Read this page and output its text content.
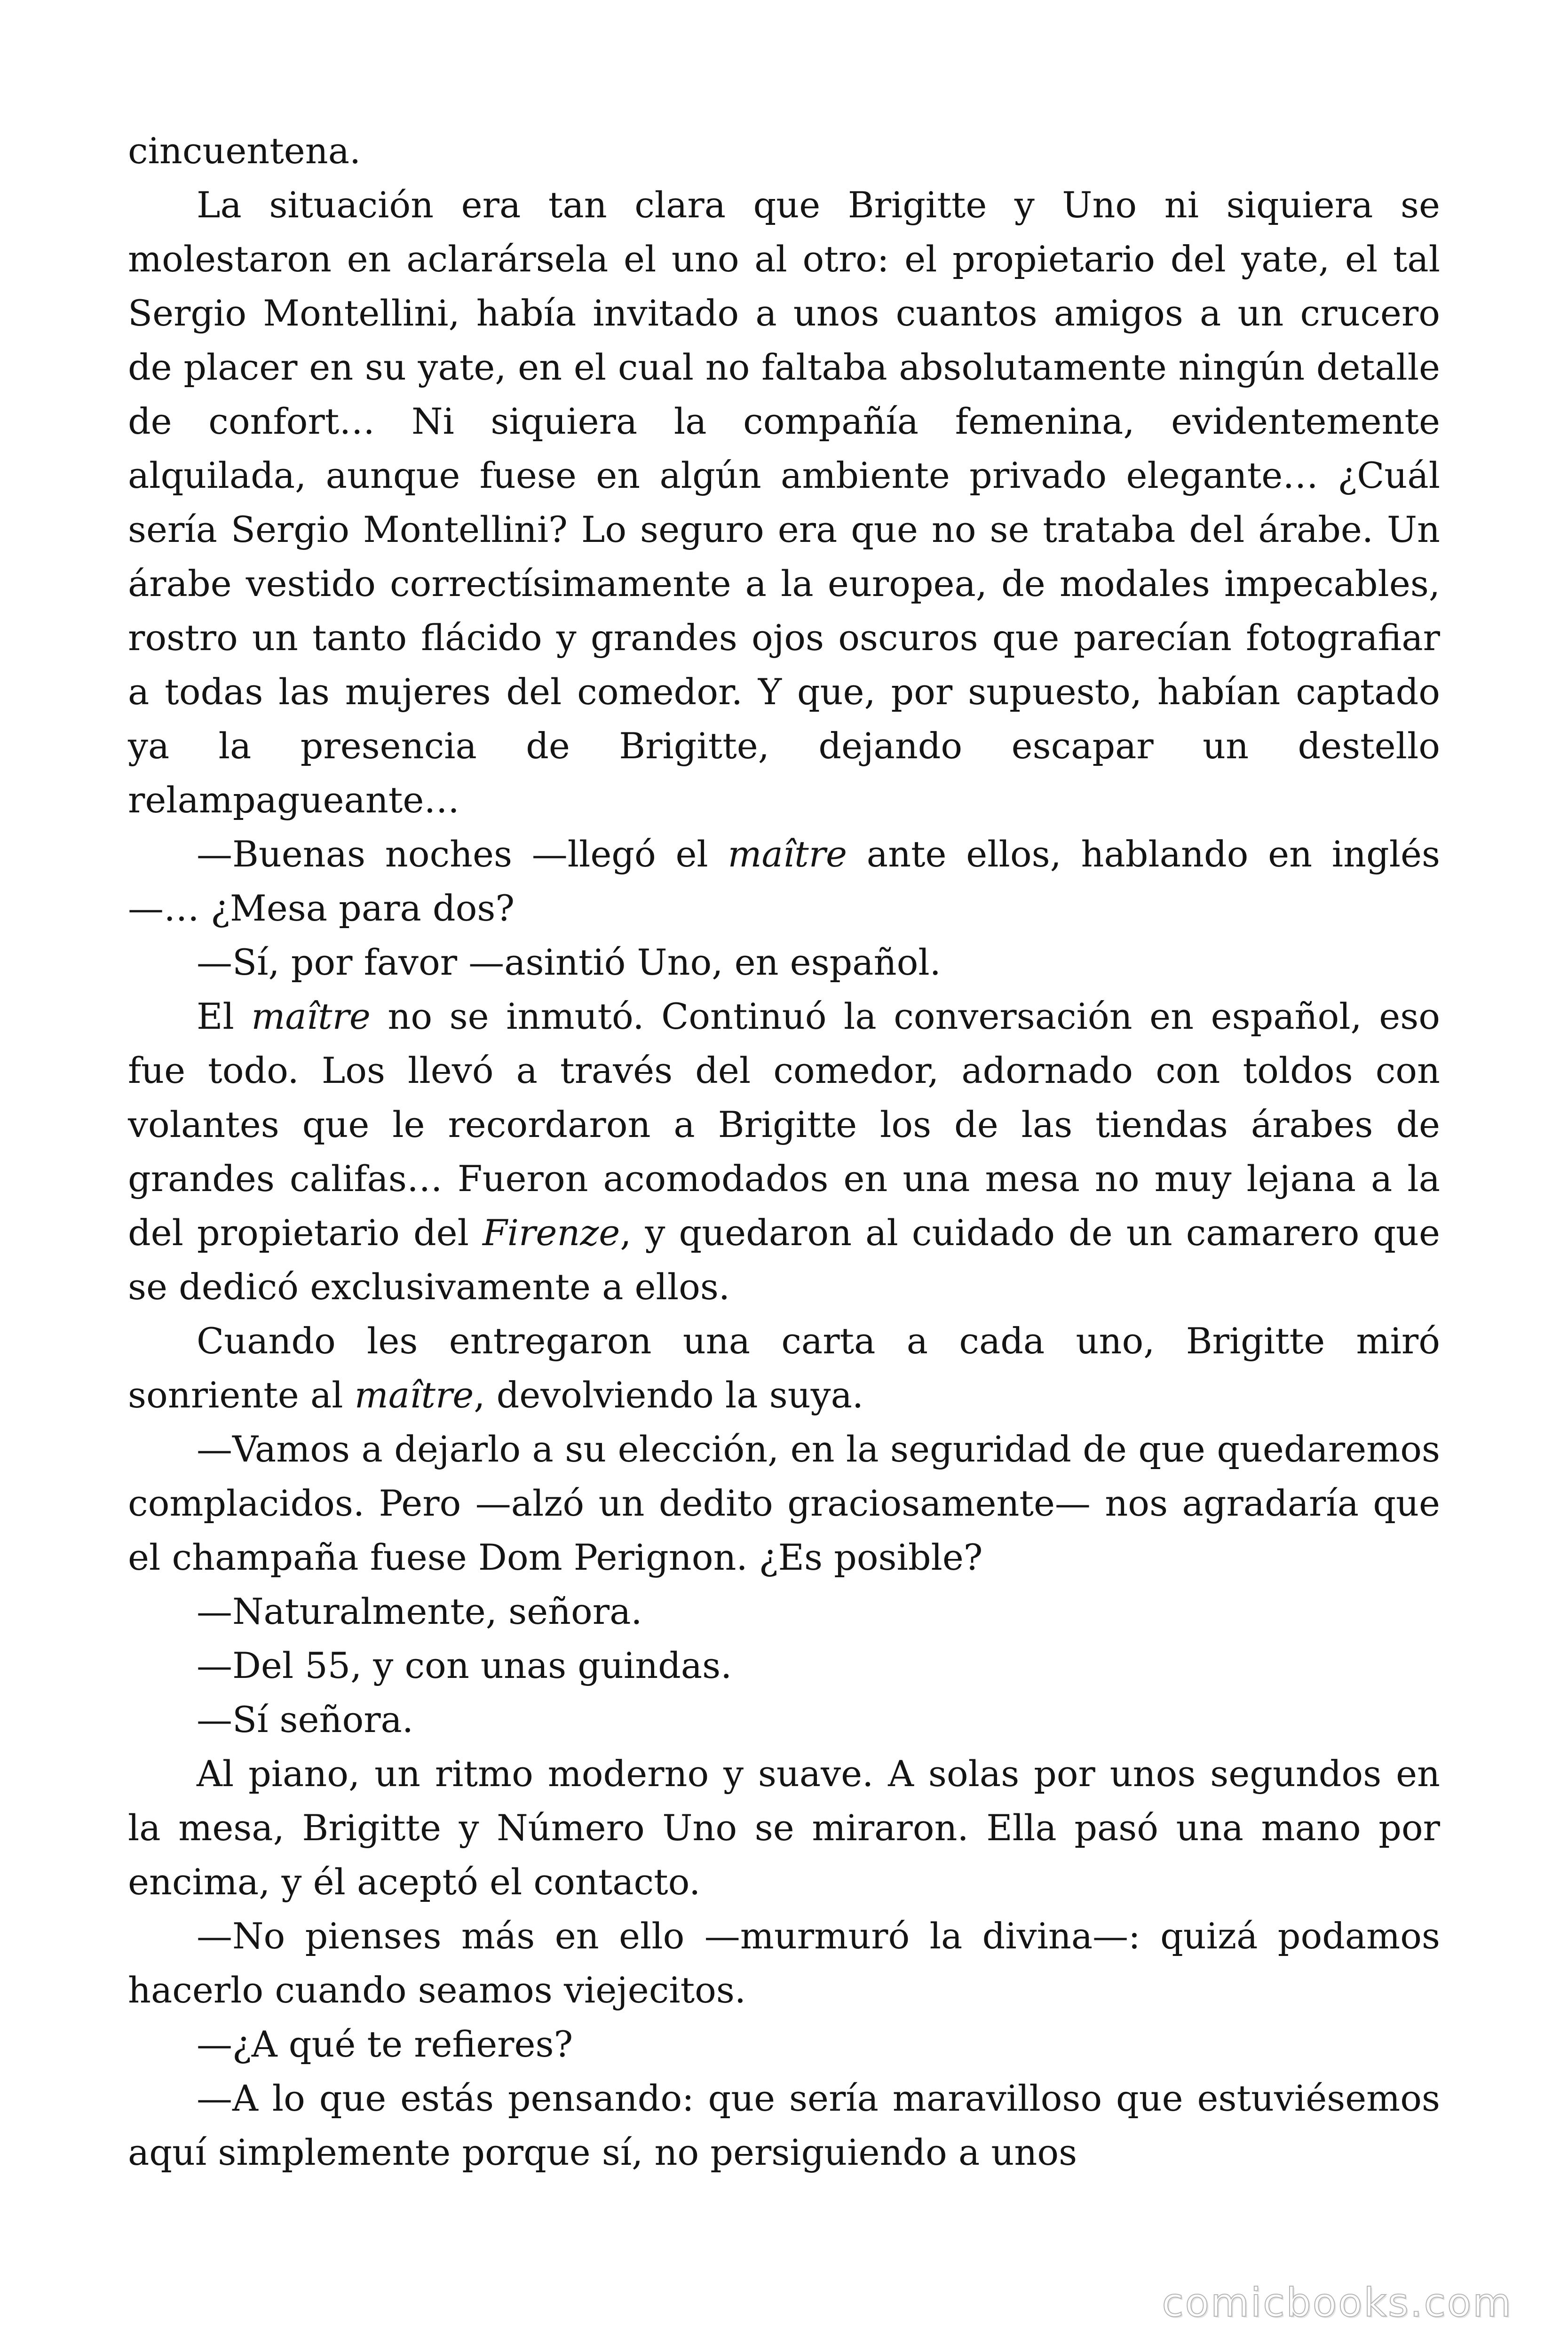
cincuentena.

La situación era tan clara que Brigitte y Uno ni siquiera se molestaron en aclarársela el uno al otro: el propietario del yate, el tal Sergio Montellini, había invitado a unos cuantos amigos a un crucero de placer en su yate, en el cual no faltaba absolutamente ningún detalle de confort… Ni siquiera la compañía femenina, evidentemente alquilada, aunque fuese en algún ambiente privado elegante… ¿Cuál sería Sergio Montellini? Lo seguro era que no se trataba del árabe. Un árabe vestido correctísimamente a la europea, de modales impecables, rostro un tanto flácido y grandes ojos oscuros que parecían fotografiar a todas las mujeres del comedor. Y que, por supuesto, habían captado ya la presencia de Brigitte, dejando escapar un destello relampagueante…

—Buenas noches —llegó el maître ante ellos, hablando en inglés —… ¿Mesa para dos?

—Sí, por favor —asintió Uno, en español.

El maître no se inmutó. Continuó la conversación en español, eso fue todo. Los llevó a través del comedor, adornado con toldos con volantes que le recordaron a Brigitte los de las tiendas árabes de grandes califas… Fueron acomodados en una mesa no muy lejana a la del propietario del Firenze, y quedaron al cuidado de un camarero que se dedicó exclusivamente a ellos.

Cuando les entregaron una carta a cada uno, Brigitte miró sonriente al maître, devolviendo la suya.

—Vamos a dejarlo a su elección, en la seguridad de que quedaremos complacidos. Pero —alzó un dedito graciosamente— nos agradaría que el champaña fuese Dom Perignon. ¿Es posible?

—Naturalmente, señora.

—Del 55, y con unas guindas.

—Sí señora.

Al piano, un ritmo moderno y suave. A solas por unos segundos en la mesa, Brigitte y Número Uno se miraron. Ella pasó una mano por encima, y él aceptó el contacto.

—No pienses más en ello —murmuró la divina—: quizá podamos hacerlo cuando seamos viejecitos.

—¿A qué te refieres?

—A lo que estás pensando: que sería maravilloso que estuviésemos aquí simplemente porque sí, no persiguiendo a unos

comicbooks.com
